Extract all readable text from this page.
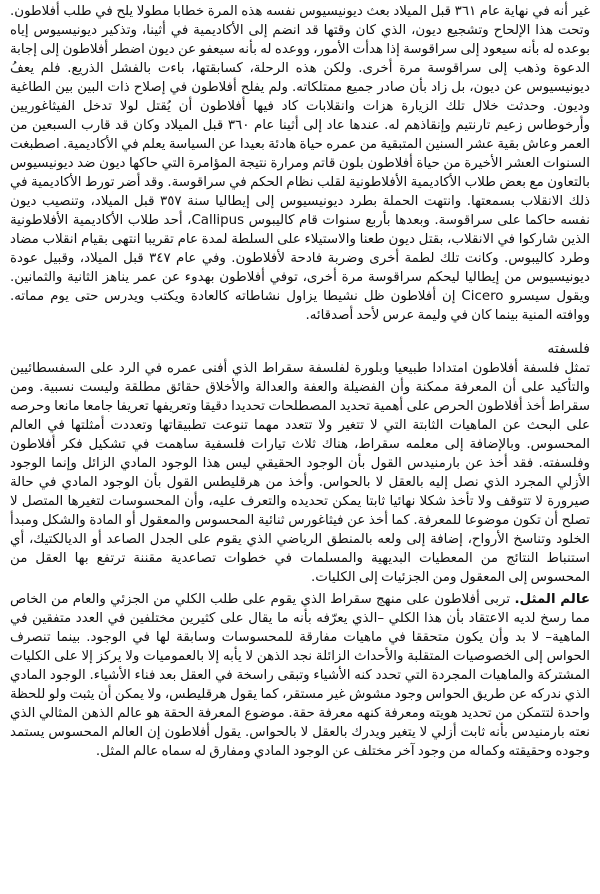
غير أنه في نهاية عام ٣٦١ قبل الميلاد بعث ديونيسيوس نفسه هذه المرة خطابا مطولا يلح في طلب أفلاطون. وتحت هذا الإلحاح وتشجيع ديون، الذي كان وقتها قد انضم إلى الأكاديمية في أثينا، وتذكير ديونيسيوس إياه بوعده له بأنه سيعود إلى سراقوسة إذا هدأت الأمور، ووعده له بأنه سيعفو عن ديون اضطر أفلاطون إلى إجابة الدعوة وذهب إلى سراقوسة مرة أخرى. ولكن هذه الرحلة، كسابقتها، باءت بالفشل الذريع. فلم يعفُ ديونيسيوس عن ديون، بل زاد بأن صادر جميع ممتلكاته. ولم يفلح أفلاطون في إصلاح ذات البين بين الطاغية وديون. وحدثت خلال تلك الزيارة هزات وانقلابات كاد فيها أفلاطون أن يُقتل لولا تدخل الفيثاغوريين وأرخوطاس زعيم تارنتيم وإنقاذهم له. عندها عاد إلى أثينا عام ٣٦٠ قبل الميلاد وكان قد قارب السبعين من العمر وعاش بقية عشر السنين المتبقية من عمره حياة هادئة بعيدا عن السياسة يعلم في الأكاديمية. اصطبغت السنوات العشر الأخيرة من حياة أفلاطون بلون قاتم ومرارة نتيجة المؤامرة التي حاكها ديون ضد ديونيسيوس بالتعاون مع بعض طلاب الأكاديمية الأفلاطونية لقلب نظام الحكم في سراقوسة. وقد أضر تورط الأكاديمية في ذلك الانقلاب بسمعتها. وانتهت الحملة بطرد ديونيسيوس إلى إيطاليا سنة ٣٥٧ قبل الميلاد، وتنصيب ديون نفسه حاكما على سراقوسة. وبعدها بأربع سنوات قام كاليبوس Callipus، أحد طلاب الأكاديمية الأفلاطونية الذين شاركوا في الانقلاب، بقتل ديون طعنا والاستيلاء على السلطة لمدة عام تقريبا انتهى بقيام انقلاب مضاد وطرد كاليبوس. وكانت تلك لطمة أخرى وضربة فادحة لأفلاطون. وفي عام ٣٤٧ قبل الميلاد، وقبيل عودة ديونيسيوس من إيطاليا ليحكم سراقوسة مرة أخرى، توفي أفلاطون بهدوء عن عمر يناهز الثانية والثمانين. ويقول سيسرو Cicero إن أفلاطون ظل نشيطا يزاول نشاطاته كالعادة ويكتب ويدرس حتى يوم مماته. ووافته المنية بينما كان في وليمة عرس لأحد أصدقائه.

فلسفته

تمثل فلسفة أفلاطون امتدادا طبيعيا وبلورة لفلسفة سقراط الذي أفنى عمره في الرد على السفسطائيين والتأكيد على أن المعرفة ممكنة وأن الفضيلة والعفة والعدالة والأخلاق حقائق مطلقة وليست نسبية. ومن سقراط أخذ أفلاطون الحرص على أهمية تحديد المصطلحات تحديدا دقيقا وتعريفها تعريفا جامعا مانعا وحرصه على البحث عن الماهيات الثابتة التي لا تتغير ولا تتعدد مهما تنوعت تطبيقاتها وتعددت أمثلتها في العالم المحسوس. وبالإضافة إلى معلمه سقراط، هناك ثلاث تيارات فلسفية ساهمت في تشكيل فكر أفلاطون وفلسفته. فقد أخذ عن بارمنيدس القول بأن الوجود الحقيقي ليس هذا الوجود المادي الزائل وإنما الوجود الأزلي المجرد الذي نصل إليه بالعقل لا بالحواس. وأخذ من هرقليطس القول بأن الوجود المادي في حالة صيرورة لا تتوقف ولا تأخذ شكلا نهائيا ثابتا يمكن تحديده والتعرف عليه، وأن المحسوسات لتغيرها المتصل لا تصلح أن تكون موضوعا للمعرفة. كما أخذ عن فيثاغورس ثنائية المحسوس والمعقول أو المادة والشكل ومبدأ الخلود وتناسخ الأرواح، إضافة إلى ولعه بالمنطق الرياضي الذي يقوم على الجدل الصاعد أو الديالكتيك، أي استنباط النتائج من المعطيات البديهية والمسلمات في خطوات تصاعدية مقننة ترتفع بها العقل من المحسوس إلى المعقول ومن الجزئيات إلى الكليات.

عالم المثل. تربى أفلاطون على منهج سقراط الذي يقوم على طلب الكلي من الجزئي والعام من الخاص مما رسخ لديه الاعتقاد بأن هذا الكلي –الذي يعرّفه بأنه ما يقال على كثيرين مختلفين في العدد متفقين في الماهية– لا بد وأن يكون متحققا في ماهيات مفارقة للمحسوسات وسابقة لها في الوجود. بينما تنصرف الحواس إلى الخصوصيات المتقلبة والأحداث الزائلة نجد الذهن لا يأبه إلا بالعموميات ولا يركز إلا على الكليات المشتركة والماهيات المجردة التي تحدد كنه الأشياء وتبقى راسخة في العقل بعد فناء الأشياء. الوجود المادي الذي ندركه عن طريق الحواس وجود مشوش غير مستقر، كما يقول هرقليطس، ولا يمكن أن يثبت ولو للحظة واحدة لتتمكن من تحديد هويته ومعرفة كنهه معرفة حقة. موضوع المعرفة الحقة هو عالم الذهن المثالي الذي نعته بارمنيدس بأنه ثابت أزلي لا يتغير ويدرك بالعقل لا بالحواس. يقول أفلاطون إن العالم المحسوس يستمد وجوده وحقيقته وكماله من وجود آخر مختلف عن الوجود المادي ومفارق له سماه عالم المثل.
